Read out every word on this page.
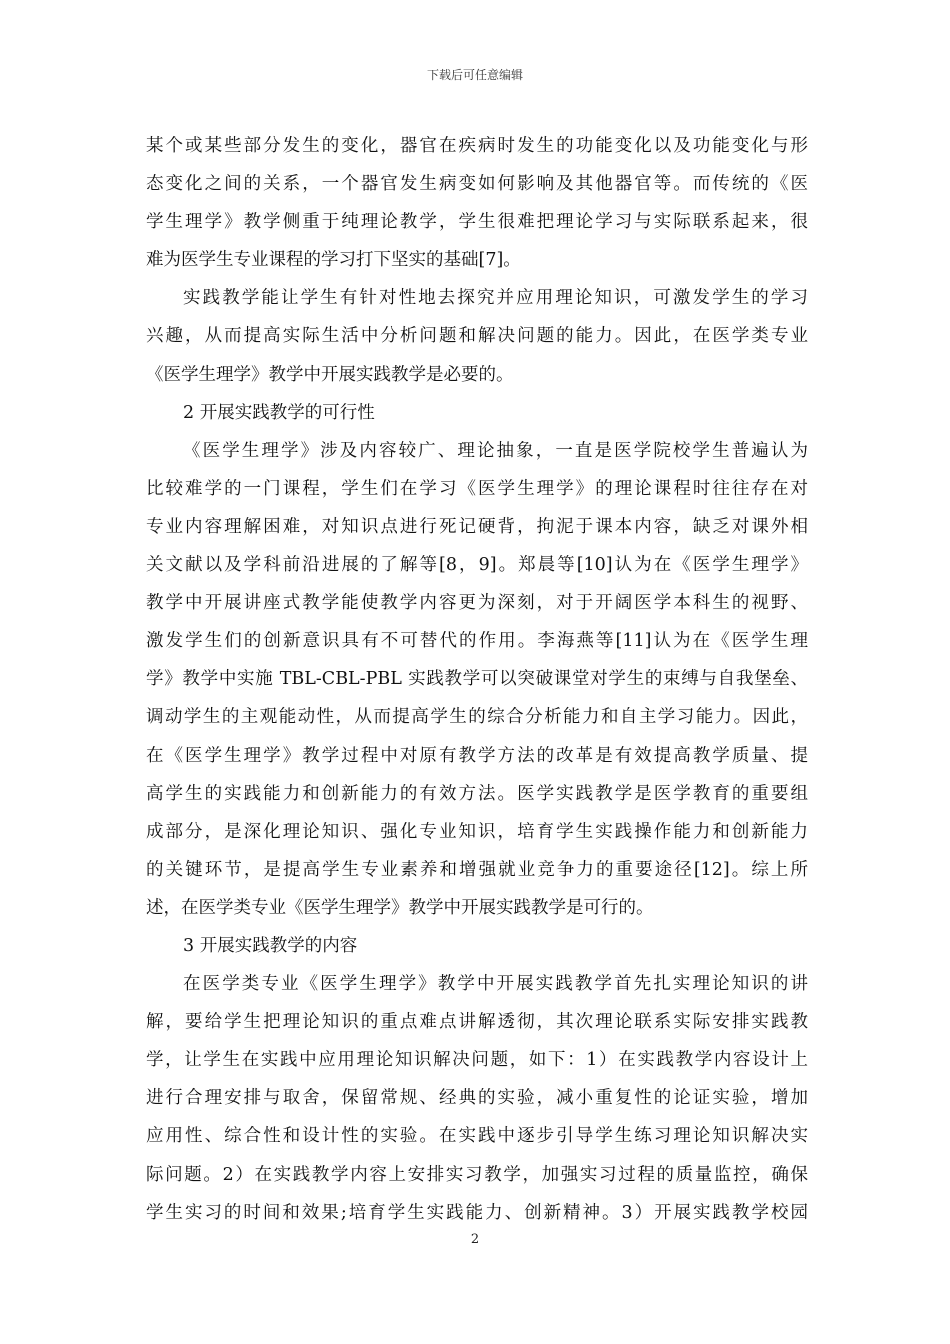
下载后可任意编辑
某个或某些部分发生的变化，器官在疾病时发生的功能变化以及功能变化与形
态变化之间的关系，一个器官发生病变如何影响及其他器官等。而传统的《医
学生理学》教学侧重于纯理论教学，学生很难把理论学习与实际联系起来，很
难为医学生专业课程的学习打下坚实的基础[7]。
实践教学能让学生有针对性地去探究并应用理论知识，可激发学生的学习
兴趣，从而提高实际生活中分析问题和解决问题的能力。因此，在医学类专业
《医学生理学》教学中开展实践教学是必要的。
2 开展实践教学的可行性
《医学生理学》涉及内容较广、理论抽象，一直是医学院校学生普遍认为
比较难学的一门课程，学生们在学习《医学生理学》的理论课程时往往存在对
专业内容理解困难，对知识点进行死记硬背，拘泥于课本内容，缺乏对课外相
关文献以及学科前沿进展的了解等[8，9]。郑晨等[10]认为在《医学生理学》
教学中开展讲座式教学能使教学内容更为深刻，对于开阔医学本科生的视野、
激发学生们的创新意识具有不可替代的作用。李海燕等[11]认为在《医学生理
学》教学中实施 TBL-CBL-PBL 实践教学可以突破课堂对学生的束缚与自我堡垒、
调动学生的主观能动性，从而提高学生的综合分析能力和自主学习能力。因此，
在《医学生理学》教学过程中对原有教学方法的改革是有效提高教学质量、提
高学生的实践能力和创新能力的有效方法。医学实践教学是医学教育的重要组
成部分，是深化理论知识、强化专业知识，培育学生实践操作能力和创新能力
的关键环节，是提高学生专业素养和增强就业竞争力的重要途径[12]。综上所
述，在医学类专业《医学生理学》教学中开展实践教学是可行的。
3 开展实践教学的内容
在医学类专业《医学生理学》教学中开展实践教学首先扎实理论知识的讲
解，要给学生把理论知识的重点难点讲解透彻，其次理论联系实际安排实践教
学，让学生在实践中应用理论知识解决问题，如下：1）在实践教学内容设计上
进行合理安排与取舍，保留常规、经典的实验，减小重复性的论证实验，增加
应用性、综合性和设计性的实验。在实践中逐步引导学生练习理论知识解决实
际问题。2）在实践教学内容上安排实习教学，加强实习过程的质量监控，确保
学生实习的时间和效果;培育学生实践能力、创新精神。3）开展实践教学校园
2
